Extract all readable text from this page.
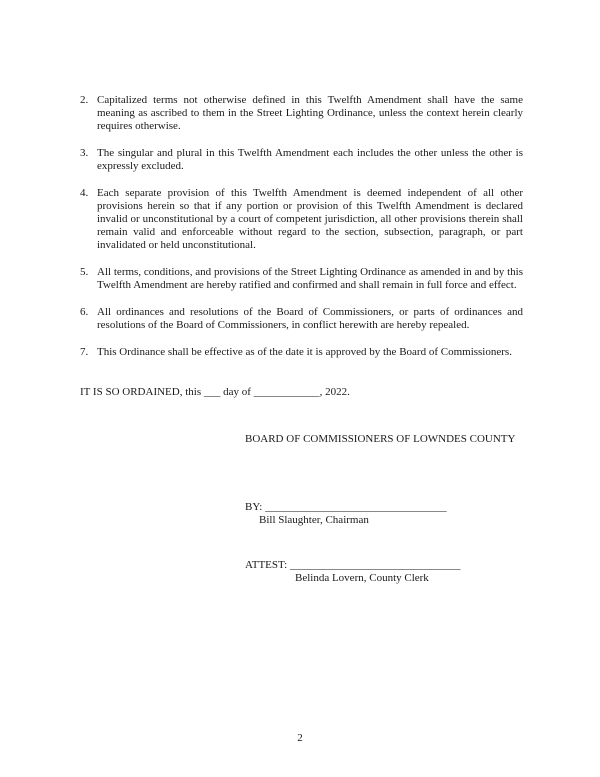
2. Capitalized terms not otherwise defined in this Twelfth Amendment shall have the same meaning as ascribed to them in the Street Lighting Ordinance, unless the context herein clearly requires otherwise.
3. The singular and plural in this Twelfth Amendment each includes the other unless the other is expressly excluded.
4. Each separate provision of this Twelfth Amendment is deemed independent of all other provisions herein so that if any portion or provision of this Twelfth Amendment is declared invalid or unconstitutional by a court of competent jurisdiction, all other provisions therein shall remain valid and enforceable without regard to the section, subsection, paragraph, or part invalidated or held unconstitutional.
5. All terms, conditions, and provisions of the Street Lighting Ordinance as amended in and by this Twelfth Amendment are hereby ratified and confirmed and shall remain in full force and effect.
6. All ordinances and resolutions of the Board of Commissioners, or parts of ordinances and resolutions of the Board of Commissioners, in conflict herewith are hereby repealed.
7. This Ordinance shall be effective as of the date it is approved by the Board of Commissioners.
IT IS SO ORDAINED, this ___ day of ____________, 2022.
BOARD OF COMMISSIONERS OF LOWNDES COUNTY
BY: _________________________________
Bill Slaughter, Chairman
ATTEST: _______________________________
Belinda Lovern, County Clerk
2
